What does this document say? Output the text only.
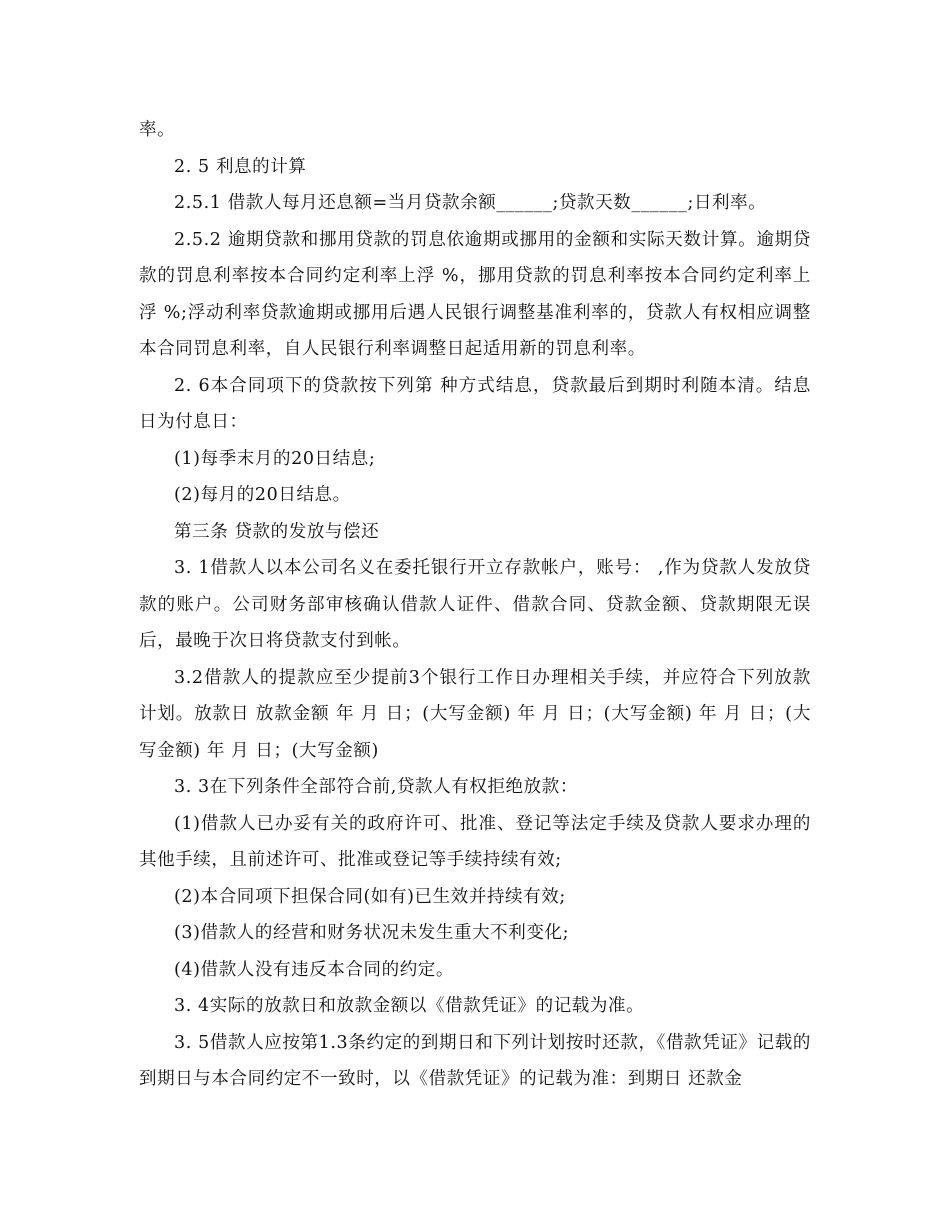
率。

2. 5 利息的计算

2.5.1 借款人每月还息额=当月贷款余额______;贷款天数______;日利率。

2.5.2 逾期贷款和挪用贷款的罚息依逾期或挪用的金额和实际天数计算。逾期贷款的罚息利率按本合同约定利率上浮 %，挪用贷款的罚息利率按本合同约定利率上浮 %;浮动利率贷款逾期或挪用后遇人民银行调整基准利率的，贷款人有权相应调整本合同罚息利率，自人民银行利率调整日起适用新的罚息利率。

2. 6本合同项下的贷款按下列第 种方式结息，贷款最后到期时利随本清。结息日为付息日：

(1)每季末月的20日结息;

(2)每月的20日结息。

第三条 贷款的发放与偿还

3. 1借款人以本公司名义在委托银行开立存款帐户，账号： ,作为贷款人发放贷款的账户。公司财务部审核确认借款人证件、借款合同、贷款金额、贷款期限无误后，最晚于次日将贷款支付到帐。

3.2借款人的提款应至少提前3个银行工作日办理相关手续，并应符合下列放款计划。放款日 放款金额 年 月 日；(大写金额) 年 月 日；(大写金额) 年 月 日；(大写金额) 年 月 日；(大写金额)

3. 3在下列条件全部符合前,贷款人有权拒绝放款：

(1)借款人已办妥有关的政府许可、批准、登记等法定手续及贷款人要求办理的其他手续，且前述许可、批准或登记等手续持续有效;

(2)本合同项下担保合同(如有)已生效并持续有效;

(3)借款人的经营和财务状况未发生重大不利变化;

(4)借款人没有违反本合同的约定。

3. 4实际的放款日和放款金额以《借款凭证》的记载为准。

3. 5借款人应按第1.3条约定的到期日和下列计划按时还款，《借款凭证》记载的到期日与本合同约定不一致时，以《借款凭证》的记载为准：到期日 还款金
